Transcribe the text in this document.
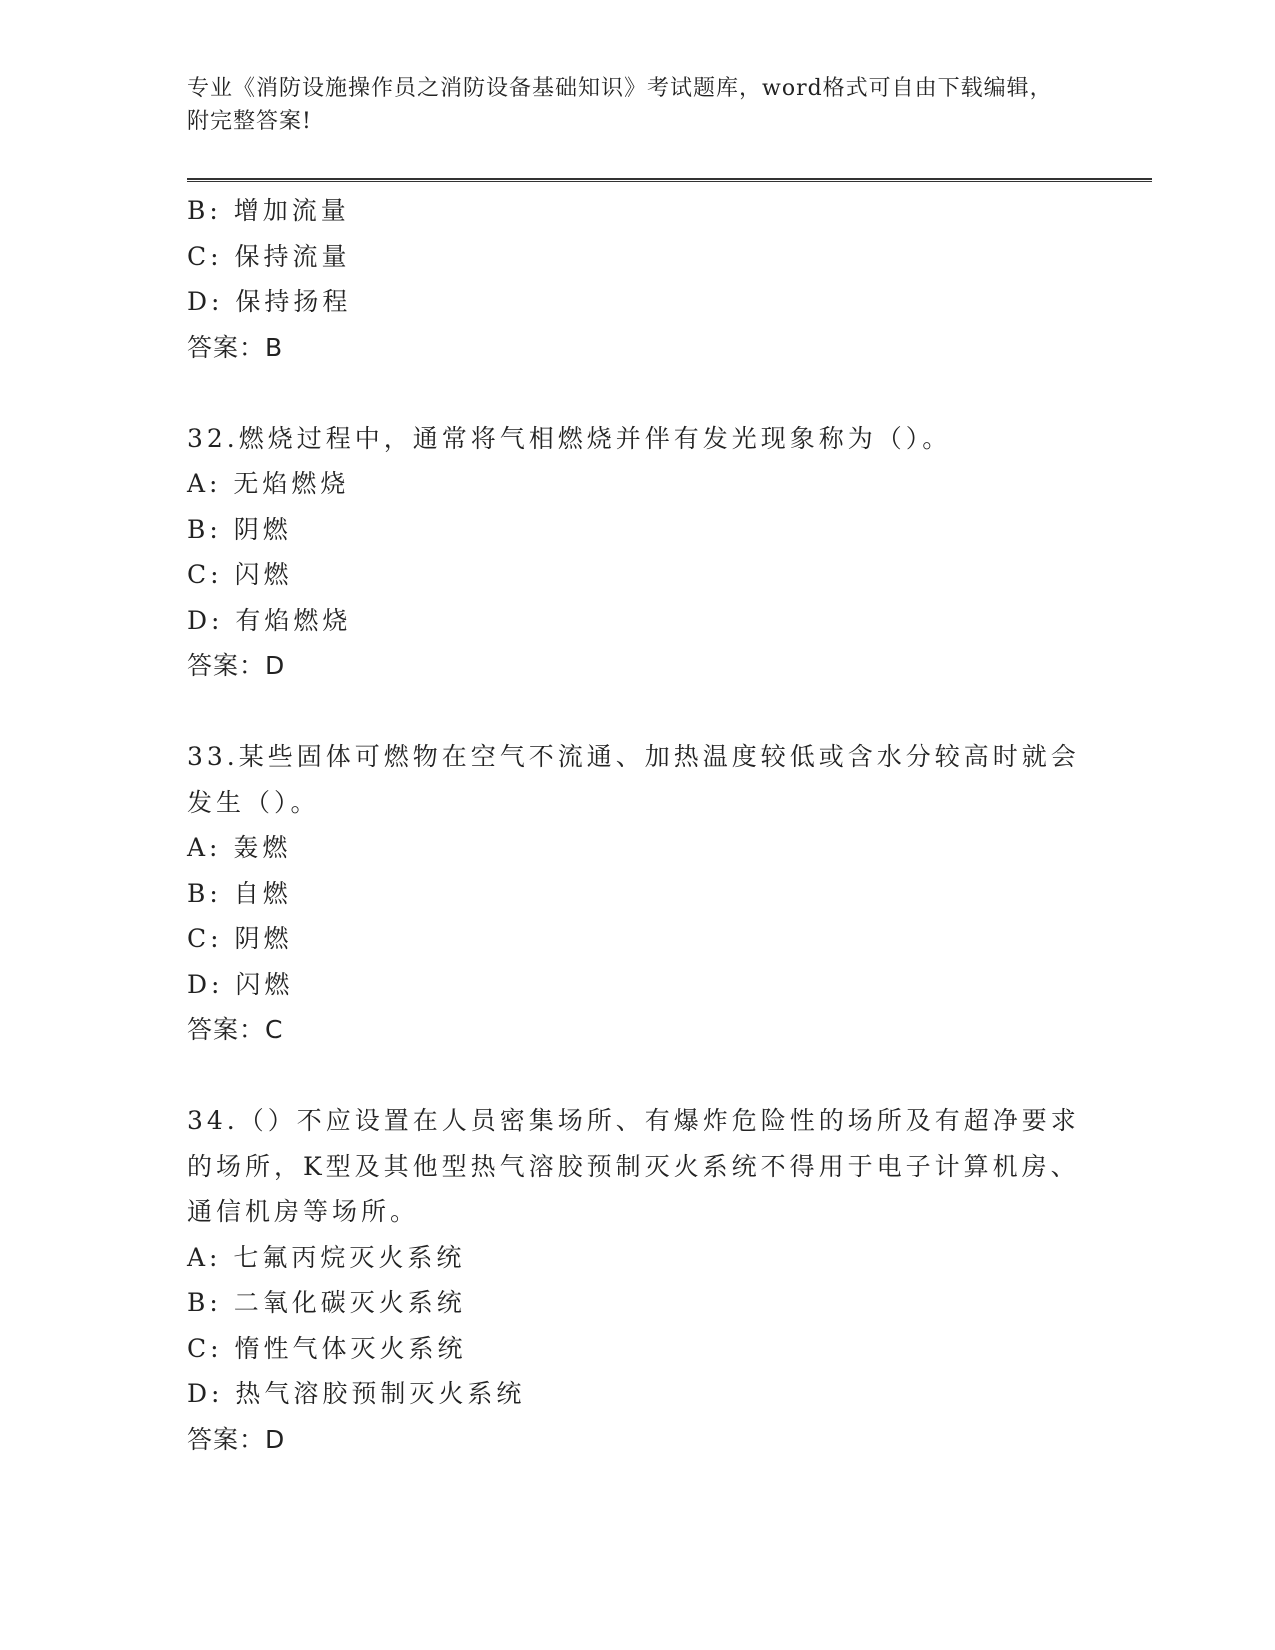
专业《消防设施操作员之消防设备基础知识》考试题库，word格式可自由下载编辑，附完整答案!
B: 增加流量
C: 保持流量
D: 保持扬程
答案：B
32.燃烧过程中，通常将气相燃烧并伴有发光现象称为（）。
A: 无焰燃烧
B: 阴燃
C: 闪燃
D: 有焰燃烧
答案：D
33.某些固体可燃物在空气不流通、加热温度较低或含水分较高时就会
发生（）。
A: 轰燃
B: 自燃
C: 阴燃
D: 闪燃
答案：C
34.（）不应设置在人员密集场所、有爆炸危险性的场所及有超净要求
的场所，K型及其他型热气溶胶预制灭火系统不得用于电子计算机房、
通信机房等场所。
A: 七氟丙烷灭火系统
B: 二氧化碳灭火系统
C: 惰性气体灭火系统
D: 热气溶胶预制灭火系统
答案：D
